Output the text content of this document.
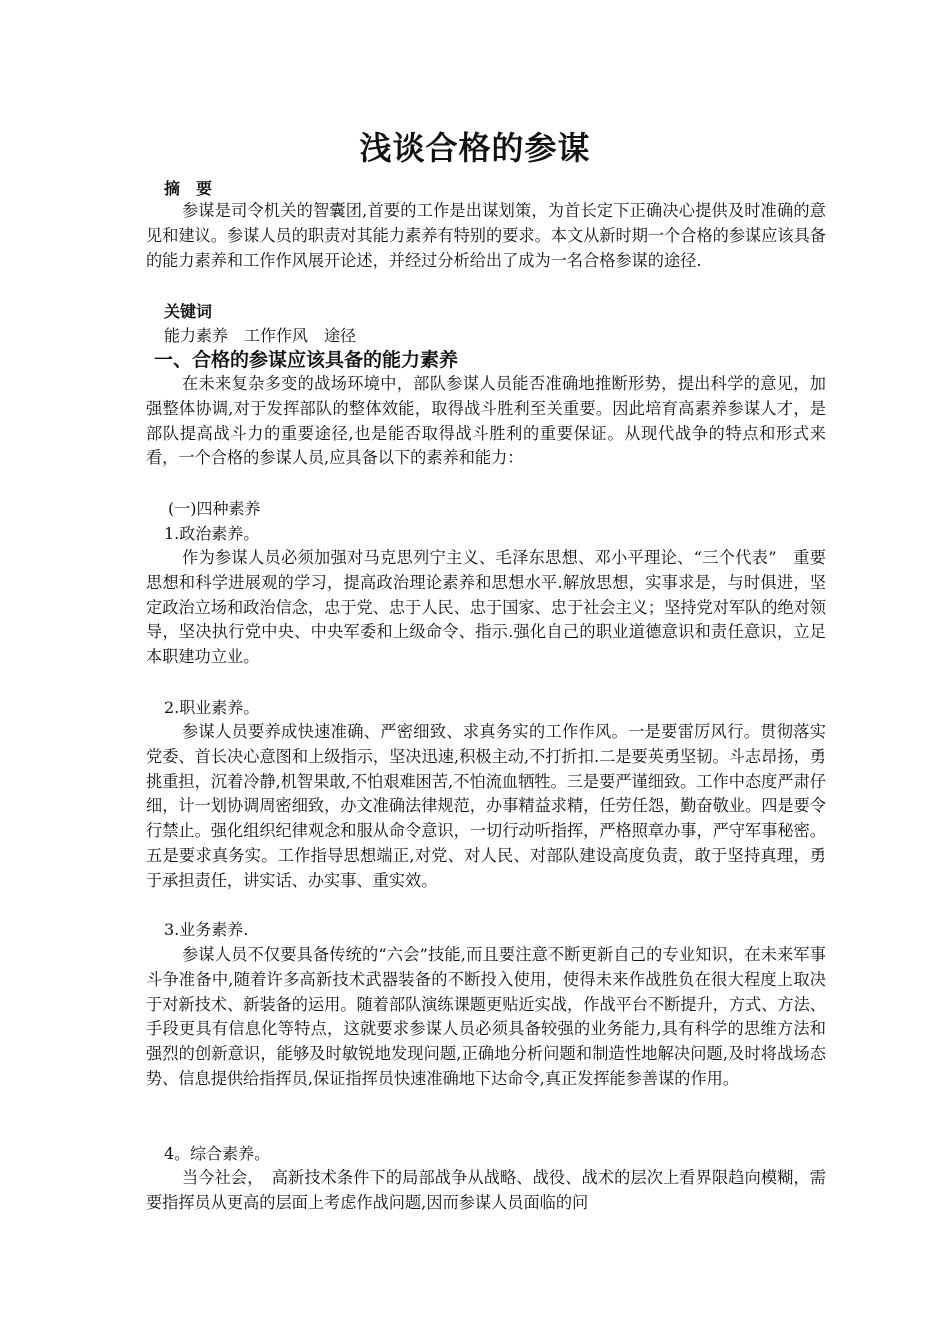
浅谈合格的参谋
摘　要
参谋是司令机关的智囊团,首要的工作是出谋划策，为首长定下正确决心提供及时准确的意见和建议。参谋人员的职责对其能力素养有特别的要求。本文从新时期一个合格的参谋应该具备的能力素养和工作作风展开论述，并经过分析给出了成为一名合格参谋的途径.
关键词
能力素养　工作作风　途径
一、合格的参谋应该具备的能力素养
在未来复杂多变的战场环境中，部队参谋人员能否准确地推断形势，提出科学的意见，加强整体协调,对于发挥部队的整体效能，取得战斗胜利至关重要。因此培育高素养参谋人才，是部队提高战斗力的重要途径,也是能否取得战斗胜利的重要保证。从现代战争的特点和形式来看，一个合格的参谋人员,应具备以下的素养和能力：
(一)四种素养
1.政治素养。
作为参谋人员必须加强对马克思列宁主义、毛泽东思想、邓小平理论、“三个代表”　重要思想和科学进展观的学习，提高政治理论素养和思想水平.解放思想，实事求是，与时俱进，坚定政治立场和政治信念，忠于党、忠于人民、忠于国家、忠于社会主义；坚持党对军队的绝对领导，坚决执行党中央、中央军委和上级命令、指示.强化自己的职业道德意识和责任意识，立足本职建功立业。
2.职业素养。
参谋人员要养成快速准确、严密细致、求真务实的工作作风。一是要雷厉风行。贯彻落实党委、首长决心意图和上级指示，坚决迅速,积极主动,不打折扣.二是要英勇坚韧。斗志昂扬，勇挑重担，沉着冷静,机智果敢,不怕艰难困苦,不怕流血牺牲。三是要严谨细致。工作中态度严肃仔细，计一划协调周密细致，办文准确法律规范，办事精益求精，任劳任怨，勤奋敬业。四是要令行禁止。强化组织纪律观念和服从命令意识，一切行动听指挥，严格照章办事，严守军事秘密。五是要求真务实。工作指导思想端正,对党、对人民、对部队建设高度负责，敢于坚持真理，勇于承担责任，讲实话、办实事、重实效。
3.业务素养.
参谋人员不仅要具备传统的“六会”技能,而且要注意不断更新自己的专业知识，在未来军事斗争准备中,随着许多高新技术武器装备的不断投入使用，使得未来作战胜负在很大程度上取决于对新技术、新装备的运用。随着部队演练课题更贴近实战，作战平台不断提升，方式、方法、手段更具有信息化等特点，这就要求参谋人员必须具备较强的业务能力,具有科学的思维方法和强烈的创新意识，能够及时敏锐地发现问题,正确地分析问题和制造性地解决问题,及时将战场态势、信息提供给指挥员,保证指挥员快速准确地下达命令,真正发挥能参善谋的作用。
4。综合素养。
当今社会，　高新技术条件下的局部战争从战略、战役、战术的层次上看界限趋向模糊，需要指挥员从更高的层面上考虑作战问题,因而参谋人员面临的问
